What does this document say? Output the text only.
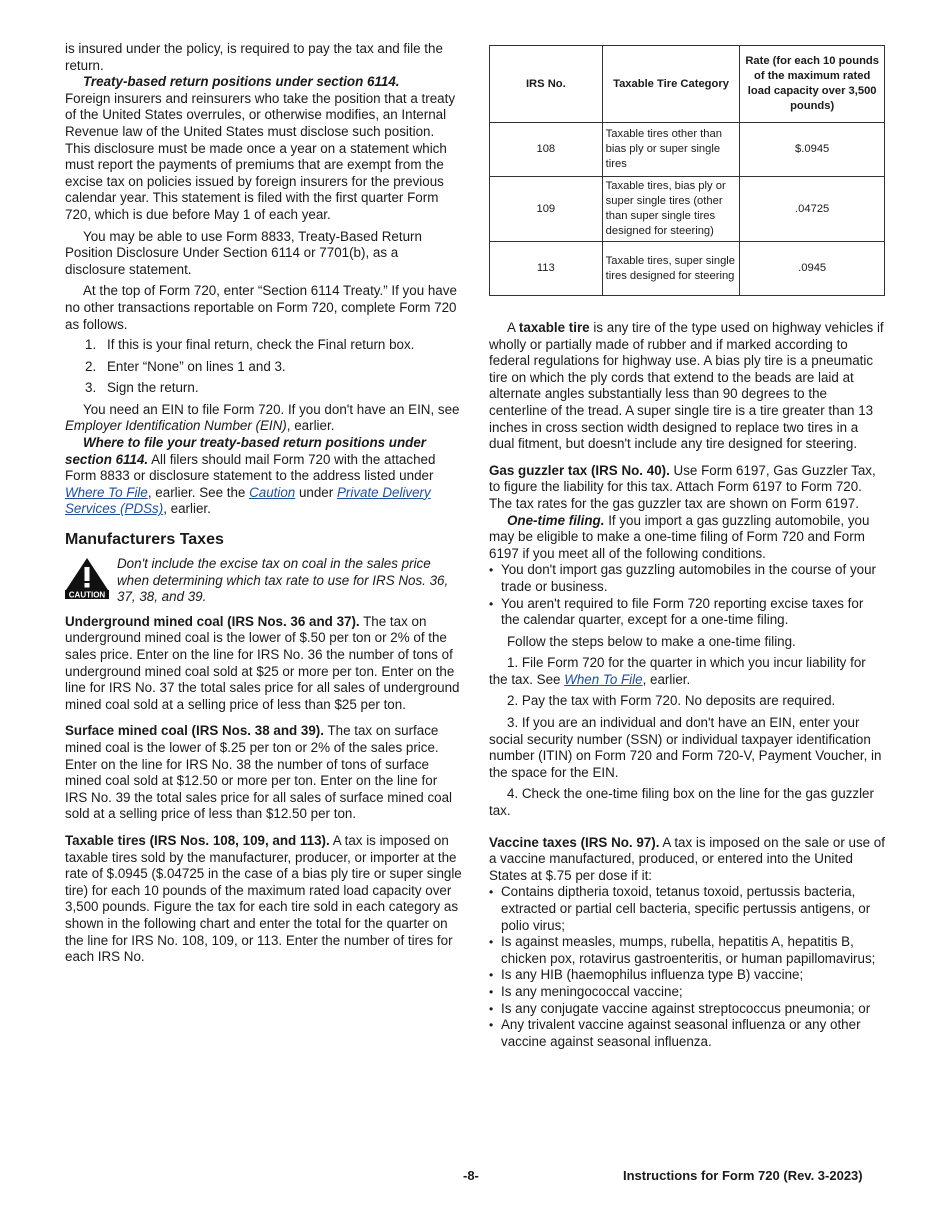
is insured under the policy, is required to pay the tax and file the return.

Treaty-based return positions under section 6114.
Foreign insurers and reinsurers who take the position that a treaty of the United States overrules, or otherwise modifies, an Internal Revenue law of the United States must disclose such position. This disclosure must be made once a year on a statement which must report the payments of premiums that are exempt from the excise tax on policies issued by foreign insurers for the previous calendar year. This statement is filed with the first quarter Form 720, which is due before May 1 of each year.

You may be able to use Form 8833, Treaty-Based Return Position Disclosure Under Section 6114 or 7701(b), as a disclosure statement.

At the top of Form 720, enter “Section 6114 Treaty.” If you have no other transactions reportable on Form 720, complete Form 720 as follows.

1. If this is your final return, check the Final return box.
2. Enter “None” on lines 1 and 3.
3. Sign the return.

You need an EIN to file Form 720. If you don't have an EIN, see Employer Identification Number (EIN), earlier.

Where to file your treaty-based return positions under section 6114. All filers should mail Form 720 with the attached Form 8833 or disclosure statement to the address listed under Where To File, earlier. See the Caution under Private Delivery Services (PDSs), earlier.

Manufacturers Taxes
CAUTION
Don't include the excise tax on coal in the sales price when determining which tax rate to use for IRS Nos. 36, 37, 38, and 39.

Underground mined coal (IRS Nos. 36 and 37). The tax on underground mined coal is the lower of $.50 per ton or 2% of the sales price. Enter on the line for IRS No. 36 the number of tons of underground mined coal sold at $25 or more per ton. Enter on the line for IRS No. 37 the total sales price for all sales of underground mined coal sold at a selling price of less than $25 per ton.

Surface mined coal (IRS Nos. 38 and 39). The tax on surface mined coal is the lower of $.25 per ton or 2% of the sales price. Enter on the line for IRS No. 38 the number of tons of surface mined coal sold at $12.50 or more per ton. Enter on the line for IRS No. 39 the total sales price for all sales of surface mined coal sold at a selling price of less than $12.50 per ton.

Taxable tires (IRS Nos. 108, 109, and 113). A tax is imposed on taxable tires sold by the manufacturer, producer, or importer at the rate of $.0945 ($.04725 in the case of a bias ply tire or super single tire) for each 10 pounds of the maximum rated load capacity over 3,500 pounds. Figure the tax for each tire sold in each category as shown in the following chart and enter the total for the quarter on the line for IRS No. 108, 109, or 113. Enter the number of tires for each IRS No.

IRS No.	Taxable Tire Category	Rate (for each 10 pounds of the maximum rated load capacity over 3,500 pounds)
108	Taxable tires other than bias ply or super single tires	$.0945
109	Taxable tires, bias ply or super single tires (other than super single tires designed for steering)	.04725
113	Taxable tires, super single tires designed for steering	.0945

A taxable tire is any tire of the type used on highway vehicles if wholly or partially made of rubber and if marked according to federal regulations for highway use. A bias ply tire is a pneumatic tire on which the ply cords that extend to the beads are laid at alternate angles substantially less than 90 degrees to the centerline of the tread. A super single tire is a tire greater than 13 inches in cross section width designed to replace two tires in a dual fitment, but doesn't include any tire designed for steering.

Gas guzzler tax (IRS No. 40). Use Form 6197, Gas Guzzler Tax, to figure the liability for this tax. Attach Form 6197 to Form 720. The tax rates for the gas guzzler tax are shown on Form 6197.

One-time filing. If you import a gas guzzling automobile, you may be eligible to make a one-time filing of Form 720 and Form 6197 if you meet all of the following conditions.

• You don't import gas guzzling automobiles in the course of your trade or business.
• You aren't required to file Form 720 reporting excise taxes for the calendar quarter, except for a one-time filing.

Follow the steps below to make a one-time filing.

1. File Form 720 for the quarter in which you incur liability for the tax. See When To File, earlier.

2. Pay the tax with Form 720. No deposits are required.

3. If you are an individual and don't have an EIN, enter your social security number (SSN) or individual taxpayer identification number (ITIN) on Form 720 and Form 720-V, Payment Voucher, in the space for the EIN.

4. Check the one-time filing box on the line for the gas guzzler tax.

Vaccine taxes (IRS No. 97). A tax is imposed on the sale or use of a vaccine manufactured, produced, or entered into the United States at $.75 per dose if it:

• Contains diptheria toxoid, tetanus toxoid, pertussis bacteria, extracted or partial cell bacteria, specific pertussis antigens, or polio virus;
• Is against measles, mumps, rubella, hepatitis A, hepatitis B, chicken pox, rotavirus gastroenteritis, or human papillomavirus;
• Is any HIB (haemophilus influenza type B) vaccine;
• Is any meningococcal vaccine;
• Is any conjugate vaccine against streptococcus pneumonia; or
• Any trivalent vaccine against seasonal influenza or any other vaccine against seasonal influenza.
-8-	Instructions for Form 720 (Rev. 3-2023)
